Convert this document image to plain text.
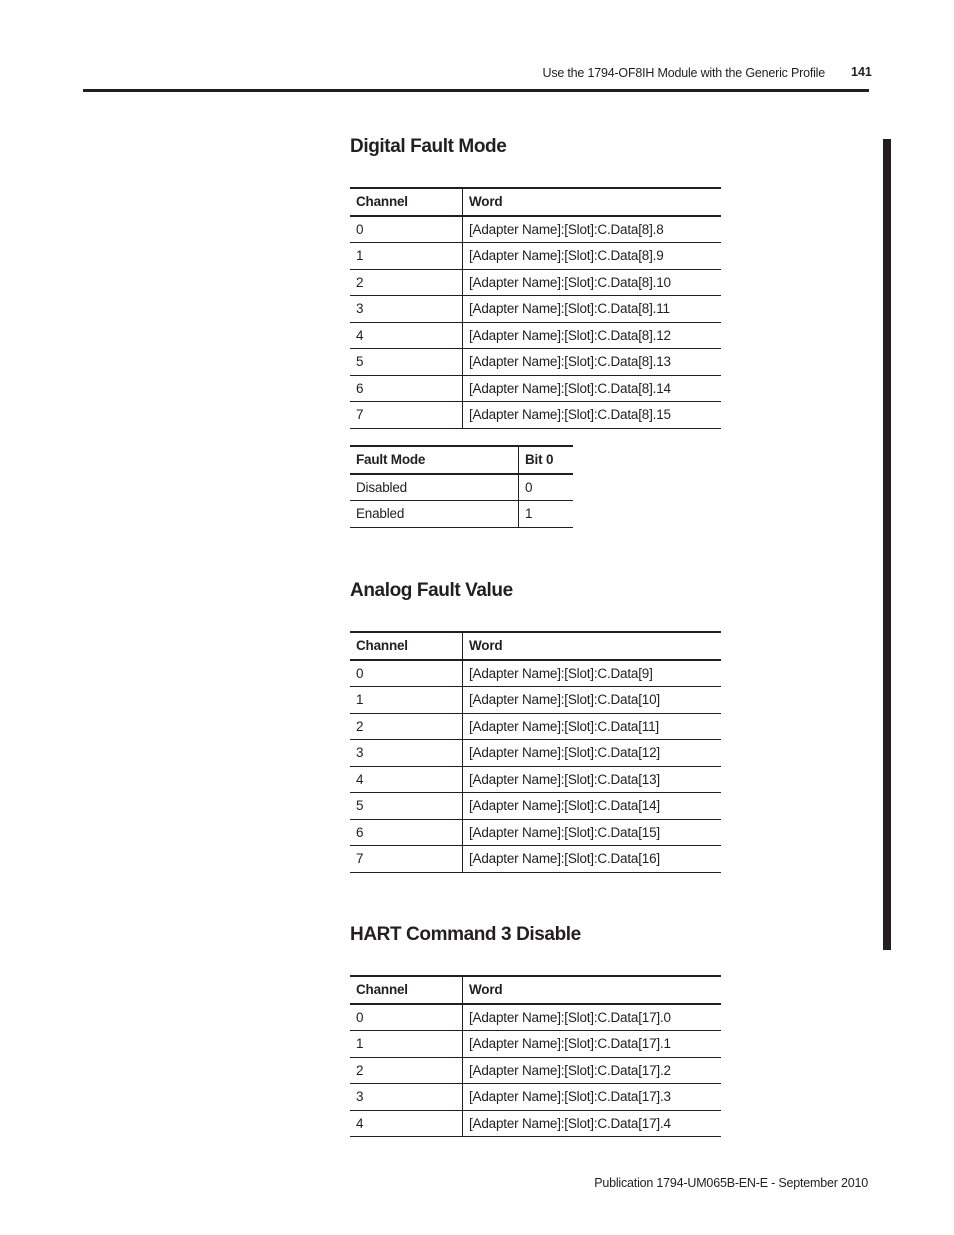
Use the 1794-OF8IH Module with the Generic Profile 141
Digital Fault Mode
Channel	Word
0	[Adapter Name]:[Slot]:C.Data[8].8
1	[Adapter Name]:[Slot]:C.Data[8].9
2	[Adapter Name]:[Slot]:C.Data[8].10
3	[Adapter Name]:[Slot]:C.Data[8].11
4	[Adapter Name]:[Slot]:C.Data[8].12
5	[Adapter Name]:[Slot]:C.Data[8].13
6	[Adapter Name]:[Slot]:C.Data[8].14
7	[Adapter Name]:[Slot]:C.Data[8].15
Fault Mode	Bit 0
Disabled	0
Enabled	1
Analog Fault Value
Channel	Word
0	[Adapter Name]:[Slot]:C.Data[9]
1	[Adapter Name]:[Slot]:C.Data[10]
2	[Adapter Name]:[Slot]:C.Data[11]
3	[Adapter Name]:[Slot]:C.Data[12]
4	[Adapter Name]:[Slot]:C.Data[13]
5	[Adapter Name]:[Slot]:C.Data[14]
6	[Adapter Name]:[Slot]:C.Data[15]
7	[Adapter Name]:[Slot]:C.Data[16]
HART Command 3 Disable
Channel	Word
0	[Adapter Name]:[Slot]:C.Data[17].0
1	[Adapter Name]:[Slot]:C.Data[17].1
2	[Adapter Name]:[Slot]:C.Data[17].2
3	[Adapter Name]:[Slot]:C.Data[17].3
4	[Adapter Name]:[Slot]:C.Data[17].4
Publication 1794-UM065B-EN-E - September 2010
